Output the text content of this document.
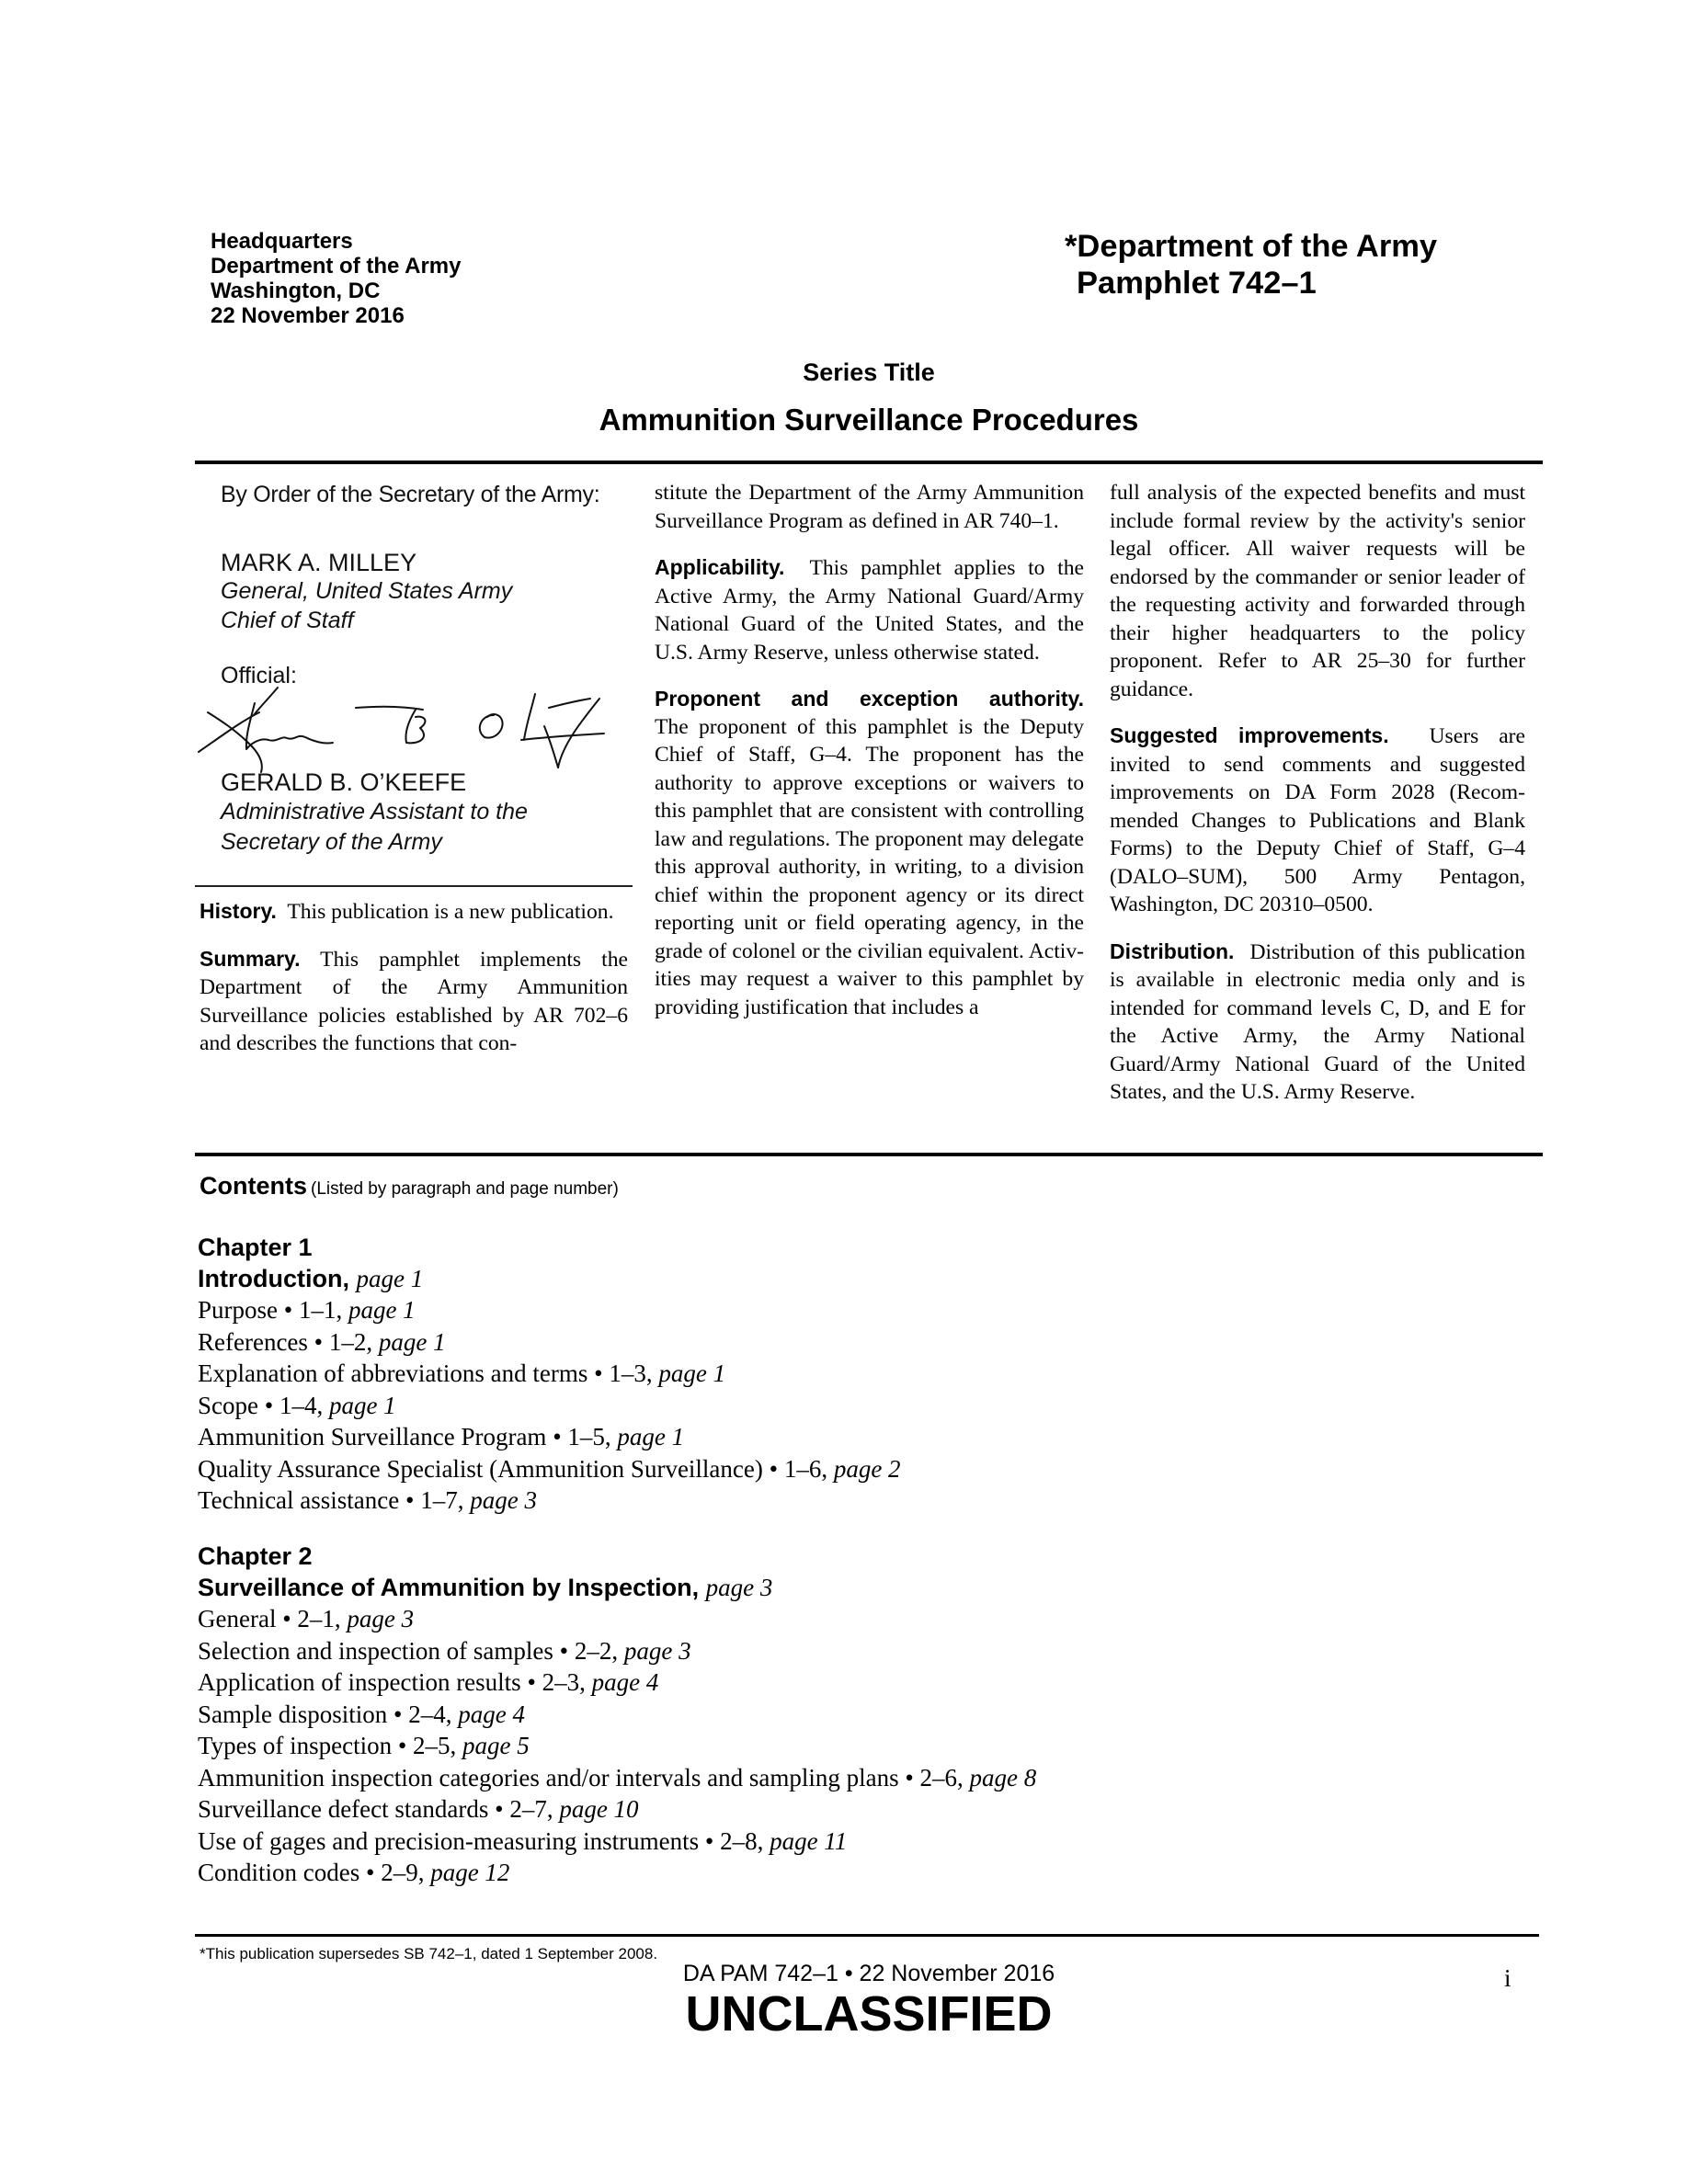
Headquarters
Department of the Army
Washington, DC
22 November 2016
*Department of the Army
Pamphlet 742–1
Series Title
Ammunition Surveillance Procedures
By Order of the Secretary of the Army:
MARK A. MILLEY
General, United States Army
Chief of Staff
Official:
GERALD B. O’KEEFE
Administrative Assistant to the
Secretary of the Army

History. This publication is a new publication.

Summary. This pamphlet implements the Department of the Army Ammunition Surveillance policies established by AR 702–6 and describes the functions that con-

stitute the Department of the Army Ammunition Surveillance Program as defined in AR 740–1.

Applicability. This pamphlet applies to the Active Army, the Army National Guard/Army National Guard of the United States, and the U.S. Army Reserve, unless otherwise stated.

Proponent and exception authority.
The proponent of this pamphlet is the Deputy Chief of Staff, G–4. The proponent has the authority to approve exceptions or waivers to this pamphlet that are consistent with controlling law and regulations. The proponent may delegate this approval authority, in writing, to a division chief within the proponent agency or its direct reporting unit or field operating agency, in the grade of colonel or the civilian equivalent. Activities may request a waiver to this pamphlet by providing justification that includes a

full analysis of the expected benefits and must include formal review by the activity's senior legal officer. All waiver requests will be endorsed by the commander or senior leader of the requesting activity and forwarded through their higher headquarters to the policy proponent. Refer to AR 25–30 for further guidance.

Suggested improvements. Users are invited to send comments and suggested improvements on DA Form 2028 (Recommended Changes to Publications and Blank Forms) to the Deputy Chief of Staff, G–4 (DALO–SUM), 500 Army Pentagon, Washington, DC 20310–0500.

Distribution. Distribution of this publication is available in electronic media only and is intended for command levels C, D, and E for the Active Army, the Army National Guard/Army National Guard of the United States, and the U.S. Army Reserve.

Contents (Listed by paragraph and page number)
Chapter 1
Introduction, page 1
Purpose • 1–1, page 1
References • 1–2, page 1
Explanation of abbreviations and terms • 1–3, page 1
Scope • 1–4, page 1
Ammunition Surveillance Program • 1–5, page 1
Quality Assurance Specialist (Ammunition Surveillance) • 1–6, page 2
Technical assistance • 1–7, page 3
Chapter 2
Surveillance of Ammunition by Inspection, page 3
General • 2–1, page 3
Selection and inspection of samples • 2–2, page 3
Application of inspection results • 2–3, page 4
Sample disposition • 2–4, page 4
Types of inspection • 2–5, page 5
Ammunition inspection categories and/or intervals and sampling plans • 2–6, page 8
Surveillance defect standards • 2–7, page 10
Use of gages and precision-measuring instruments • 2–8, page 11
Condition codes • 2–9, page 12
*This publication supersedes SB 742–1, dated 1 September 2008.
DA PAM 742–1 • 22 November 2016	i
UNCLASSIFIED
